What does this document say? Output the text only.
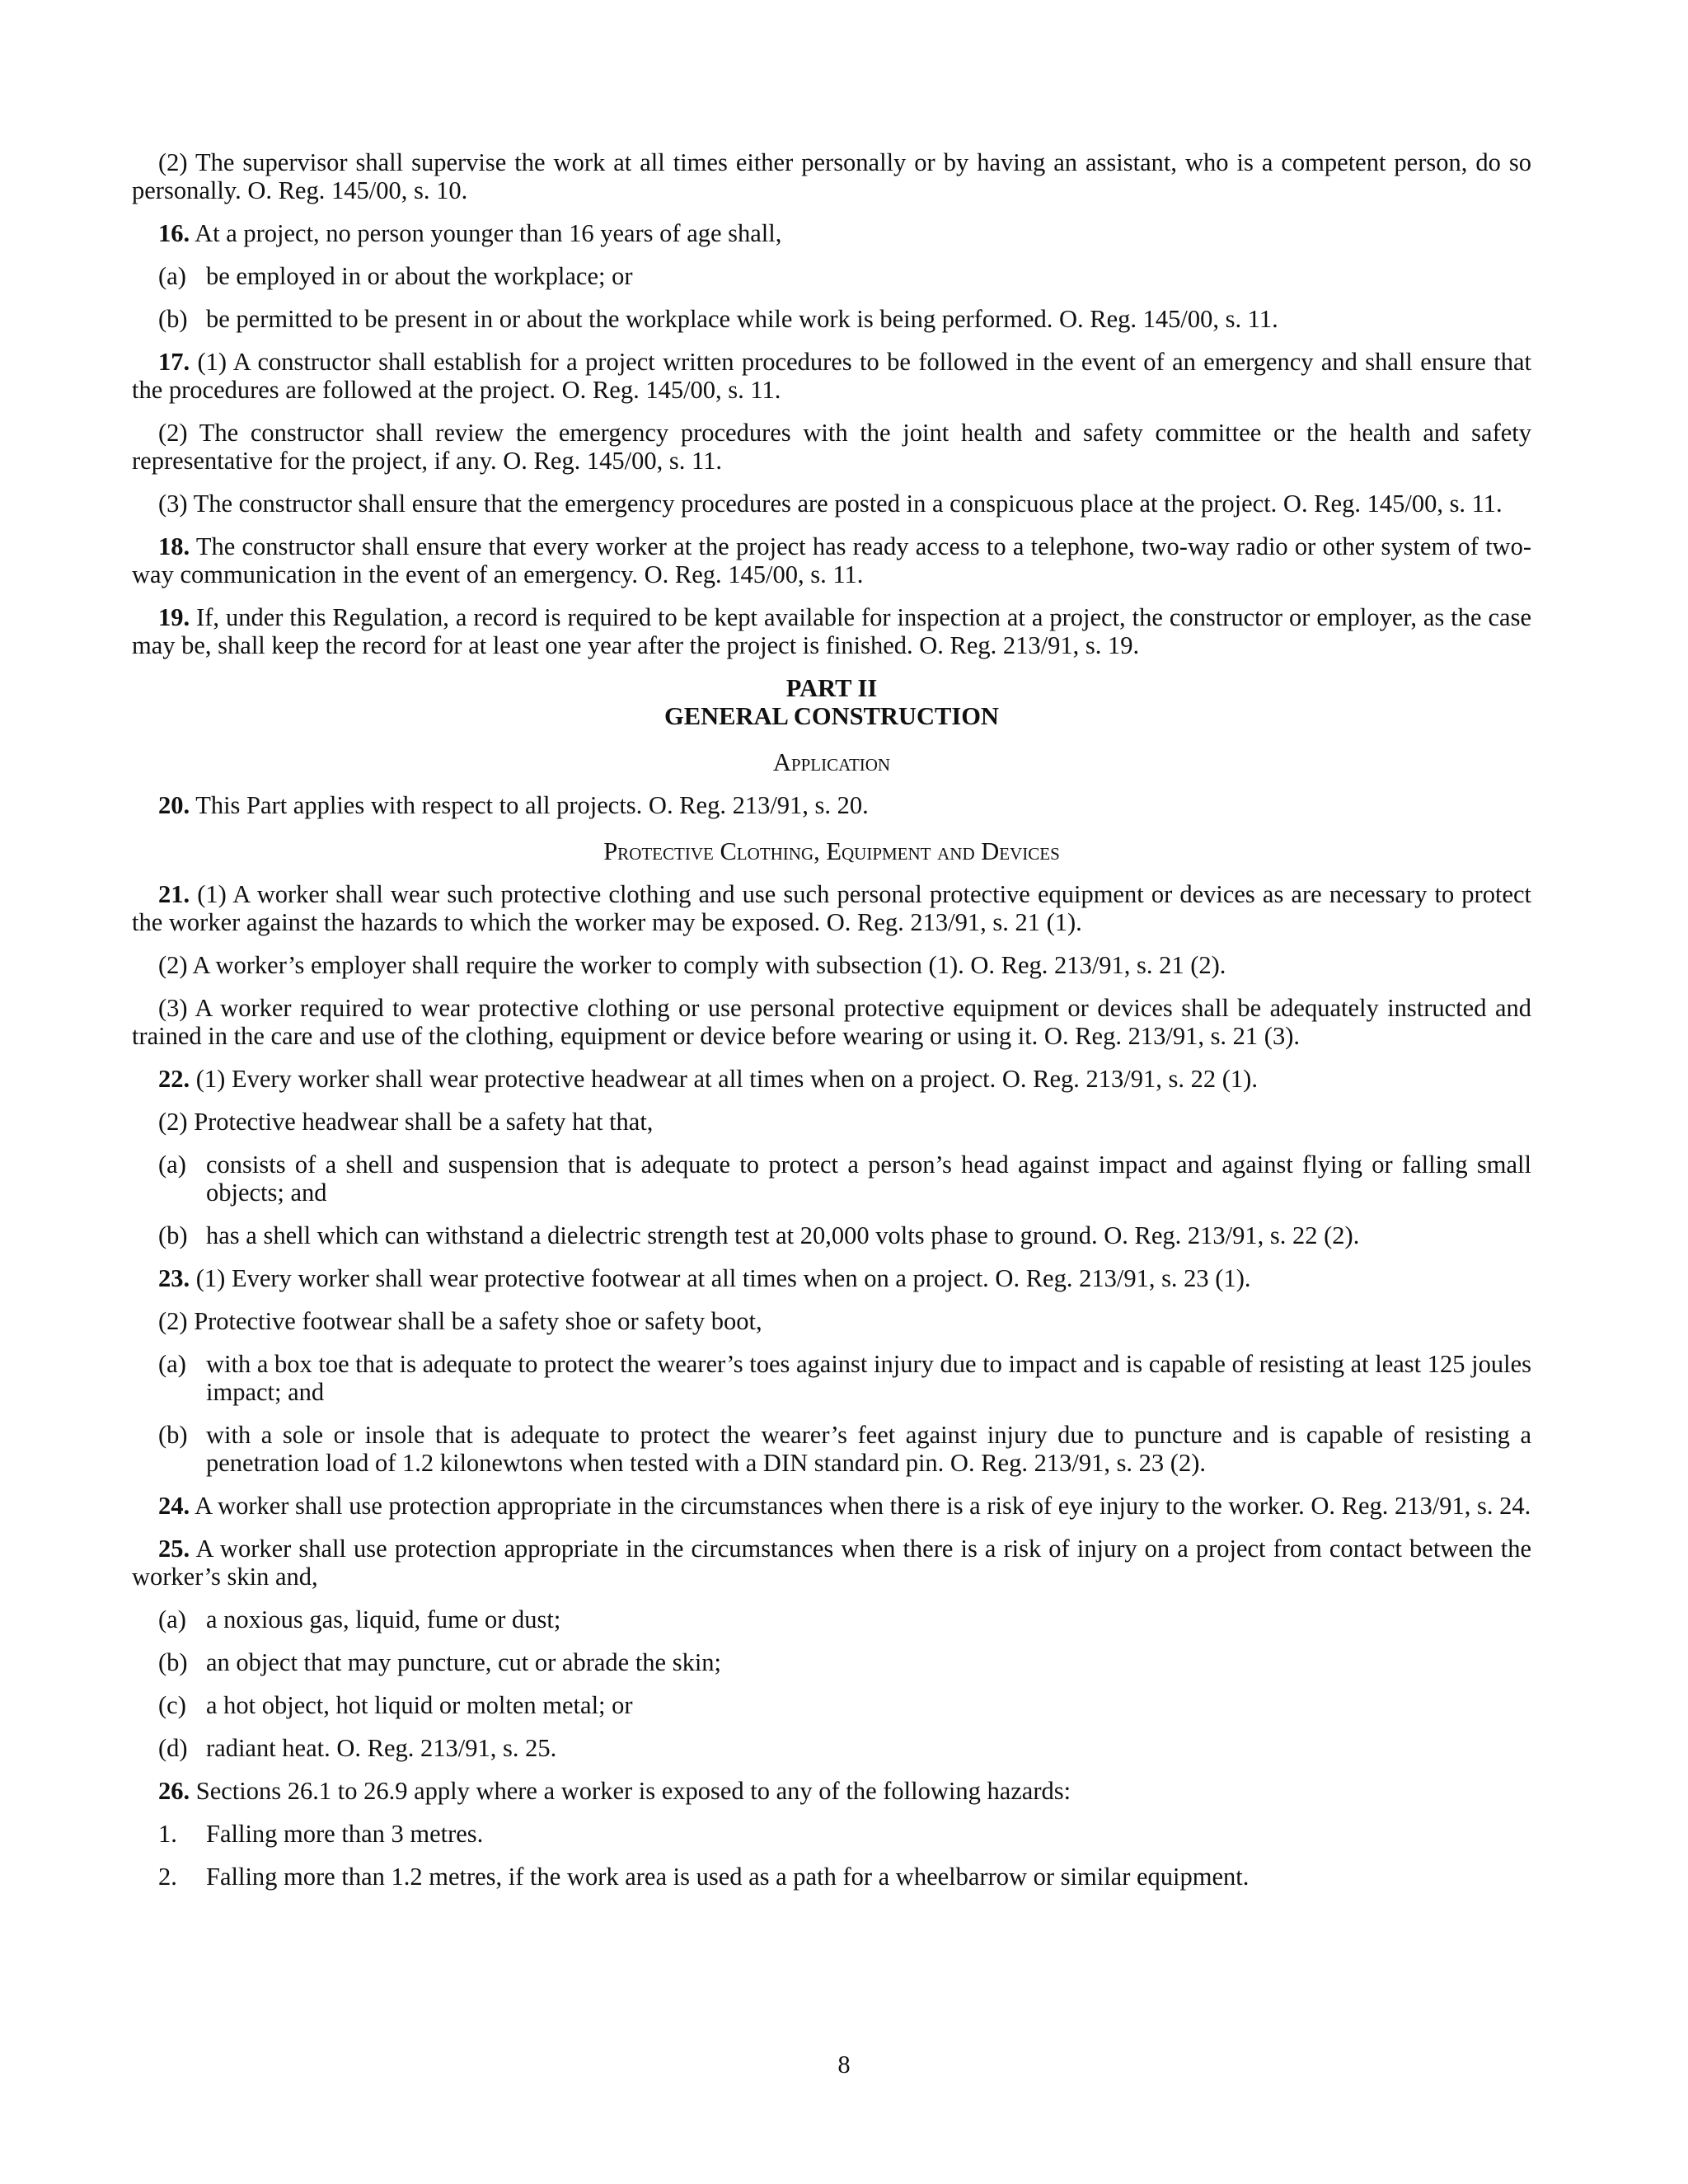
(2) The supervisor shall supervise the work at all times either personally or by having an assistant, who is a competent person, do so personally. O. Reg. 145/00, s. 10.

16. At a project, no person younger than 16 years of age shall,

(a) be employed in or about the workplace; or

(b) be permitted to be present in or about the workplace while work is being performed. O. Reg. 145/00, s. 11.

17. (1) A constructor shall establish for a project written procedures to be followed in the event of an emergency and shall ensure that the procedures are followed at the project. O. Reg. 145/00, s. 11.

(2) The constructor shall review the emergency procedures with the joint health and safety committee or the health and safety representative for the project, if any. O. Reg. 145/00, s. 11.

(3) The constructor shall ensure that the emergency procedures are posted in a conspicuous place at the project. O. Reg. 145/00, s. 11.

18. The constructor shall ensure that every worker at the project has ready access to a telephone, two-way radio or other system of two-way communication in the event of an emergency. O. Reg. 145/00, s. 11.

19. If, under this Regulation, a record is required to be kept available for inspection at a project, the constructor or employer, as the case may be, shall keep the record for at least one year after the project is finished. O. Reg. 213/91, s. 19.

PART II
GENERAL CONSTRUCTION
Application

20. This Part applies with respect to all projects. O. Reg. 213/91, s. 20.

Protective Clothing, Equipment and Devices

21. (1) A worker shall wear such protective clothing and use such personal protective equipment or devices as are necessary to protect the worker against the hazards to which the worker may be exposed. O. Reg. 213/91, s. 21 (1).

(2) A worker’s employer shall require the worker to comply with subsection (1). O. Reg. 213/91, s. 21 (2).

(3) A worker required to wear protective clothing or use personal protective equipment or devices shall be adequately instructed and trained in the care and use of the clothing, equipment or device before wearing or using it. O. Reg. 213/91, s. 21 (3).

22. (1) Every worker shall wear protective headwear at all times when on a project. O. Reg. 213/91, s. 22 (1).

(2) Protective headwear shall be a safety hat that,

(a) consists of a shell and suspension that is adequate to protect a person’s head against impact and against flying or falling small objects; and

(b) has a shell which can withstand a dielectric strength test at 20,000 volts phase to ground. O. Reg. 213/91, s. 22 (2).

23. (1) Every worker shall wear protective footwear at all times when on a project. O. Reg. 213/91, s. 23 (1).

(2) Protective footwear shall be a safety shoe or safety boot,

(a) with a box toe that is adequate to protect the wearer’s toes against injury due to impact and is capable of resisting at least 125 joules impact; and

(b) with a sole or insole that is adequate to protect the wearer’s feet against injury due to puncture and is capable of resisting a penetration load of 1.2 kilonewtons when tested with a DIN standard pin. O. Reg. 213/91, s. 23 (2).

24. A worker shall use protection appropriate in the circumstances when there is a risk of eye injury to the worker. O. Reg. 213/91, s. 24.

25. A worker shall use protection appropriate in the circumstances when there is a risk of injury on a project from contact between the worker’s skin and,

(a) a noxious gas, liquid, fume or dust;

(b) an object that may puncture, cut or abrade the skin;

(c) a hot object, hot liquid or molten metal; or

(d) radiant heat. O. Reg. 213/91, s. 25.

26. Sections 26.1 to 26.9 apply where a worker is exposed to any of the following hazards:

1. Falling more than 3 metres.

2. Falling more than 1.2 metres, if the work area is used as a path for a wheelbarrow or similar equipment.

8
